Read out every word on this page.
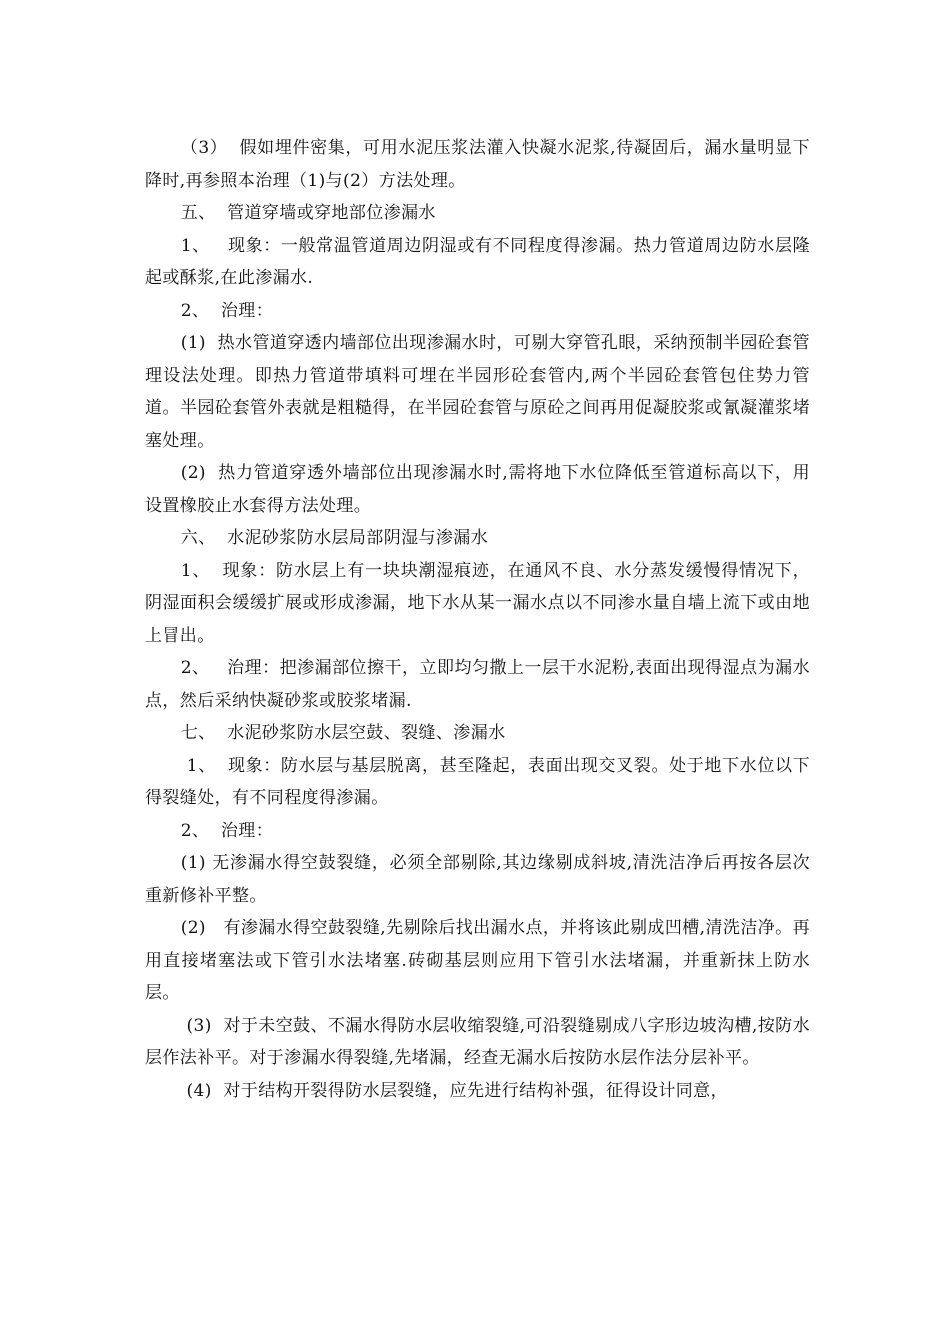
（3）  假如埋件密集，可用水泥压浆法灌入快凝水泥浆,待凝固后，漏水量明显下降时,再参照本治理（1)与(2）方法处理。

五、  管道穿墙或穿地部位渗漏水

1、   现象：一般常温管道周边阴湿或有不同程度得渗漏。热力管道周边防水层隆起或酥浆,在此渗漏水.

2、  治理：

(1)  热水管道穿透内墙部位出现渗漏水时，可剔大穿管孔眼，采纳预制半园砼套管理设法处理。即热力管道带填料可埋在半园形砼套管内,两个半园砼套管包住势力管道。半园砼套管外表就是粗糙得，在半园砼套管与原砼之间再用促凝胶浆或氰凝灌浆堵塞处理。

(2)  热力管道穿透外墙部位出现渗漏水时,需将地下水位降低至管道标高以下，用设置橡胶止水套得方法处理。

六、  水泥砂浆防水层局部阴湿与渗漏水

1、  现象：防水层上有一块块潮湿痕迹，在通风不良、水分蒸发缓慢得情况下，阴湿面积会缓缓扩展或形成渗漏，地下水从某一漏水点以不同渗水量自墙上流下或由地上冒出。

2、   治理：把渗漏部位擦干，立即均匀撒上一层干水泥粉,表面出现得湿点为漏水点，然后采纳快凝砂浆或胶浆堵漏.

七、  水泥砂浆防水层空鼓、裂缝、渗漏水

1、  现象：防水层与基层脱离，甚至隆起，表面出现交叉裂。处于地下水位以下得裂缝处，有不同程度得渗漏。

2、  治理：

(1) 无渗漏水得空鼓裂缝，必须全部剔除,其边缘剔成斜坡,清洗洁净后再按各层次重新修补平整。

(2)   有渗漏水得空鼓裂缝,先剔除后找出漏水点，并将该此剔成凹槽,清洗洁净。再用直接堵塞法或下管引水法堵塞.砖砌基层则应用下管引水法堵漏，并重新抹上防水层。

(3)  对于未空鼓、不漏水得防水层收缩裂缝,可沿裂缝剔成八字形边坡沟槽,按防水层作法补平。对于渗漏水得裂缝,先堵漏，经查无漏水后按防水层作法分层补平。

(4)  对于结构开裂得防水层裂缝，应先进行结构补强，征得设计同意，
